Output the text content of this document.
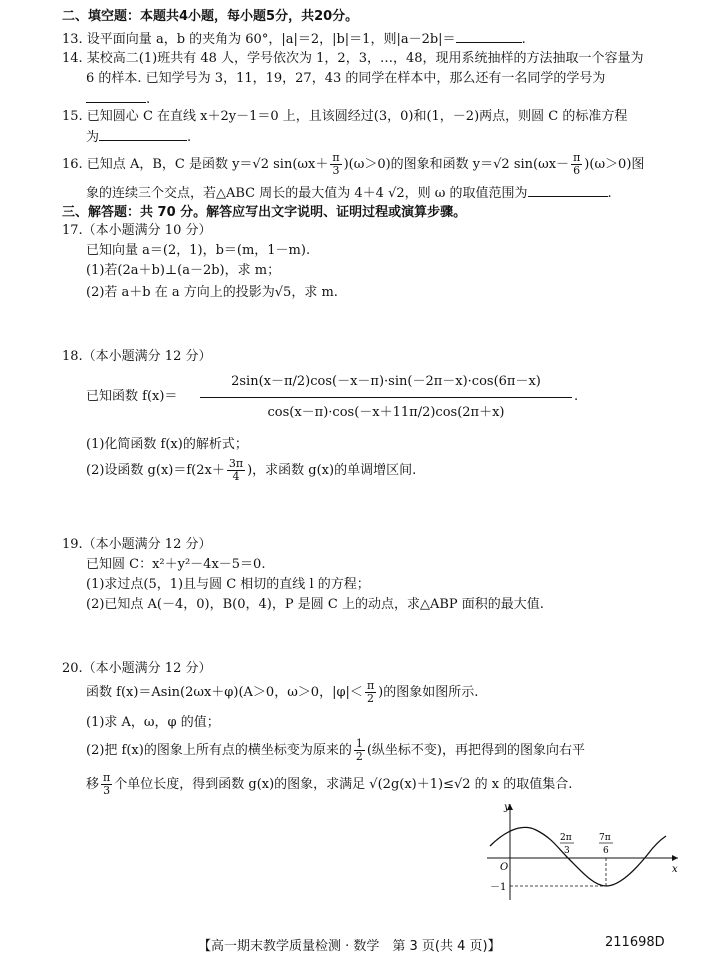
二、填空题：本题共4小题，每小题5分，共20分。
13. 设平面向量 a，b 的夹角为 60°，|a|＝2，|b|＝1，则|a－2b|＝	.
14. 某校高二(1)班共有 48 人，学号依次为 1，2，3，…，48，现用系统抽样的方法抽取一个容量为
6 的样本. 已知学号为 3，11，19，27，43 的同学在样本中，那么还有一名同学的学号为
.
15. 已知圆心 C 在直线 x＋2y－1＝0 上，且该圆经过(3，0)和(1，－2)两点，则圆 C 的标准方程
为	.
16. 已知点 A，B，C 是函数 y＝√2 $\sin(\omega x+ \frac{\pi}{3} )(\omega>0)$的图象和函数 y＝√2 $\sin(\omega x- \frac{\pi}{6} )(\omega>0)$图
象的连续三个交点，若△ABC 周长的最大值为 4＋4 √2，则 ω 的取值范围为	.
三、解答题：共 70 分。解答应写出文字说明、证明过程或演算步骤。
17.（本小题满分 10 分）
已知向量 a＝(2，1)，b＝(m，1－m).
(1)若(2a＋b)⊥(a－2b)，求 m；
(2)若 a＋b 在 a 方向上的投影为√5，求 m.
18.（本小题满分 12 分）
已知函数 f(x)＝
2sin(x－π/2)cos(－x－π)·sin(－2π－x)·cos(6π－x)
cos(x－π)·cos(－x＋11π/2)cos(2π＋x)
.
(1)化简函数 f(x)的解析式；
(2)设函数 $g(x)=f(2x+ \frac{3\pi}{4}$ )，求函数 g(x)的单调增区间.
19.（本小题满分 12 分）
已知圆 C：x²＋y²－4x－5＝0.
(1)求过点(5，1)且与圆 C 相切的直线 l 的方程；
(2)已知点 A(－4，0)，B(0，4)，P 是圆 C 上的动点，求△ABP 面积的最大值.
20.（本小题满分 12 分）
函数 f(x)＝Asin(2ωx＋φ)(A＞0，ω＞0，$|\varphi|< \frac{\pi}{2}$ )的图象如图所示.
(1)求 A，ω，φ 的值；
(2)把 f(x)的图象上所有点的横坐标变为原来的 $\frac{1}{2}$ (纵坐标不变)，再把得到的图象向右平
移 $\frac{\pi}{3}$ 个单位长度，得到函数 g(x)的图象，求满足 √(2g(x)＋1)≤√2 的 x 的取值集合.
y
x
O
2π
3
7π
6
－1
【高一期末教学质量检测 · 数学　第 3 页(共 4 页)】	211698D
